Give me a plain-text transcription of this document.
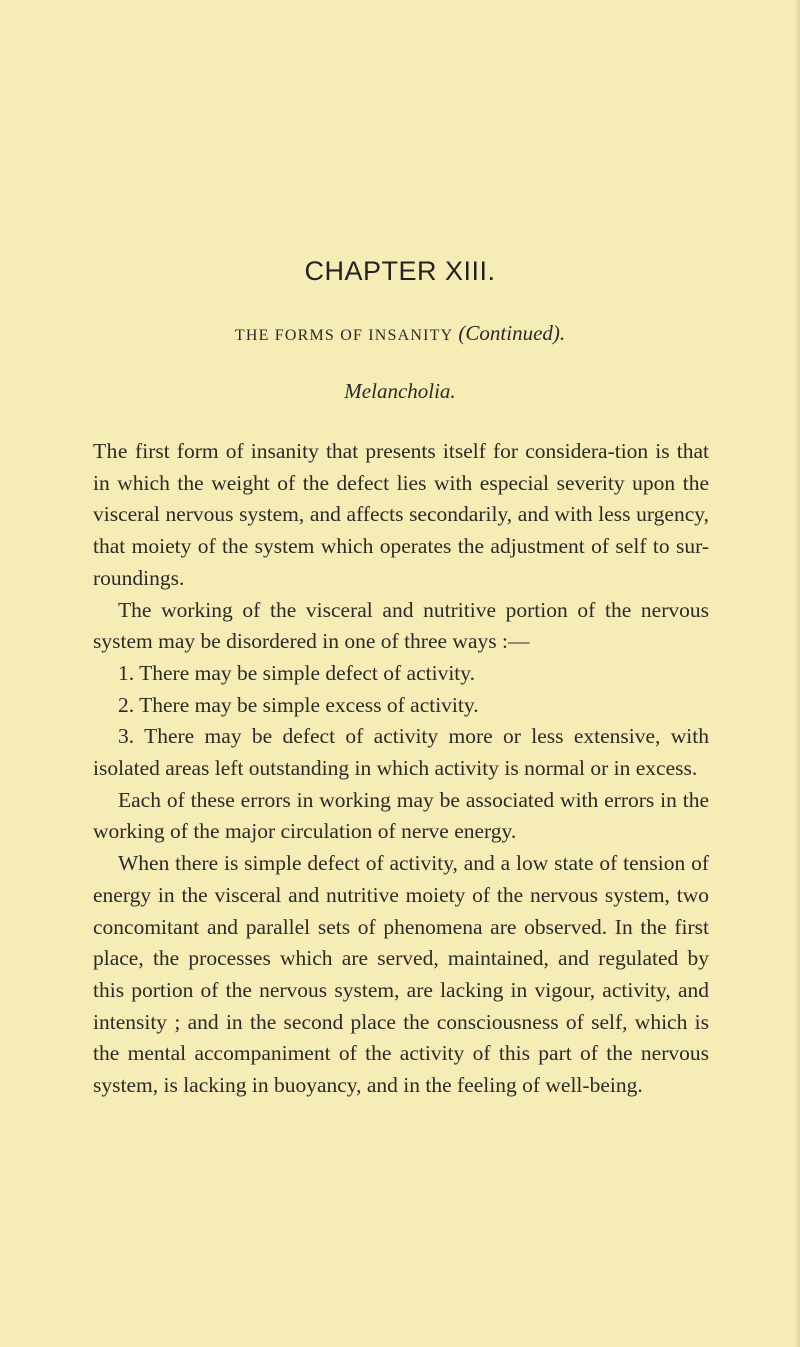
CHAPTER XIII.
THE FORMS OF INSANITY (Continued).
Melancholia.

The first form of insanity that presents itself for considera-tion is that in which the weight of the defect lies with especial severity upon the visceral nervous system, and affects secondarily, and with less urgency, that moiety of the system which operates the adjustment of self to sur-roundings.

The working of the visceral and nutritive portion of the nervous system may be disordered in one of three ways :—

1. There may be simple defect of activity.

2. There may be simple excess of activity.

3. There may be defect of activity more or less extensive, with isolated areas left outstanding in which activity is normal or in excess.

Each of these errors in working may be associated with errors in the working of the major circulation of nerve energy.

When there is simple defect of activity, and a low state of tension of energy in the visceral and nutritive moiety of the nervous system, two concomitant and parallel sets of phenomena are observed. In the first place, the processes which are served, maintained, and regulated by this portion of the nervous system, are lacking in vigour, activity, and intensity ; and in the second place the consciousness of self, which is the mental accompaniment of the activity of this part of the nervous system, is lacking in buoyancy, and in the feeling of well-being.
